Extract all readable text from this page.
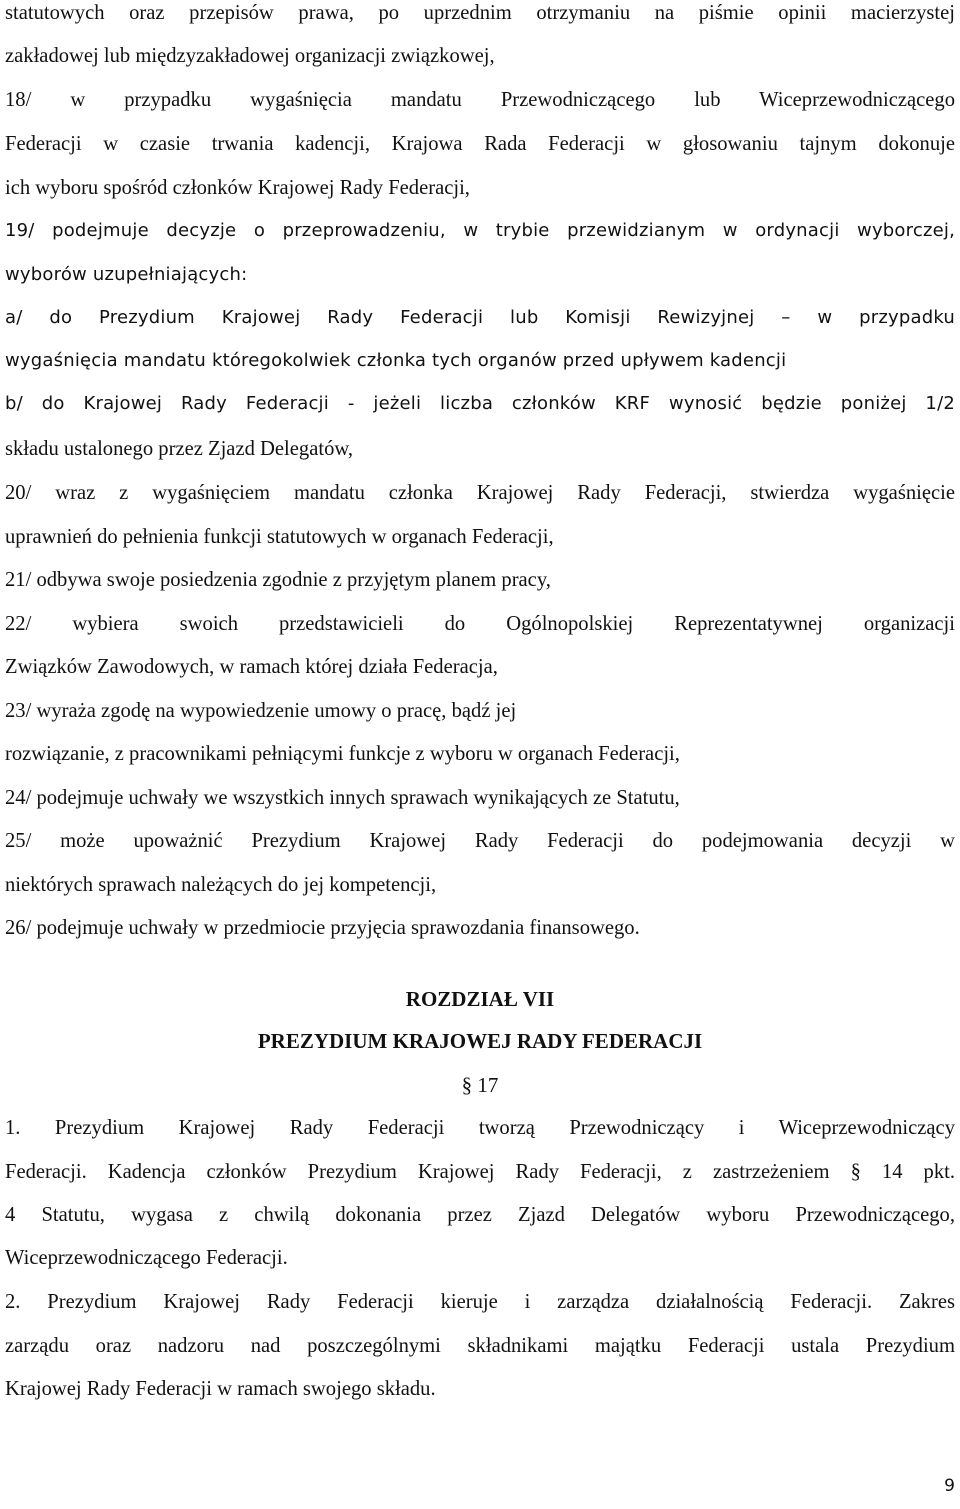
statutowych oraz przepisów prawa, po uprzednim otrzymaniu na piśmie opinii macierzystej

zakładowej lub międzyzakładowej organizacji związkowej,

18/ w przypadku wygaśnięcia mandatu Przewodniczącego lub Wiceprzewodniczącego

Federacji w czasie trwania kadencji, Krajowa Rada Federacji w głosowaniu tajnym dokonuje

ich wyboru spośród członków Krajowej Rady Federacji,

19/ podejmuje decyzje o przeprowadzeniu, w trybie przewidzianym w ordynacji wyborczej,

wyborów uzupełniających:

a/ do Prezydium Krajowej Rady Federacji lub Komisji Rewizyjnej – w przypadku

wygaśnięcia mandatu któregokolwiek członka tych organów przed upływem kadencji

b/ do Krajowej Rady Federacji - jeżeli liczba członków KRF wynosić będzie poniżej 1/2

składu ustalonego przez Zjazd Delegatów,

20/ wraz z wygaśnięciem mandatu członka Krajowej Rady Federacji, stwierdza wygaśnięcie

uprawnień do pełnienia funkcji statutowych w organach Federacji,

21/ odbywa swoje posiedzenia zgodnie z przyjętym planem pracy,

22/ wybiera swoich przedstawicieli do Ogólnopolskiej Reprezentatywnej organizacji

Związków Zawodowych, w ramach której działa Federacja,

23/ wyraża zgodę na wypowiedzenie umowy o pracę, bądź jej

rozwiązanie, z pracownikami pełniącymi funkcje z wyboru w organach Federacji,

24/ podejmuje uchwały we wszystkich innych sprawach wynikających ze Statutu,

25/ może upoważnić Prezydium Krajowej Rady Federacji do podejmowania decyzji w

niektórych sprawach należących do jej kompetencji,

26/ podejmuje uchwały w przedmiocie przyjęcia sprawozdania finansowego.

ROZDZIAŁ VII
PREZYDIUM KRAJOWEJ RADY FEDERACJI
§ 17

1. Prezydium Krajowej Rady Federacji tworzą Przewodniczący i Wiceprzewodniczący

Federacji. Kadencja członków Prezydium Krajowej Rady Federacji, z zastrzeżeniem § 14 pkt.

4 Statutu, wygasa z chwilą dokonania przez Zjazd Delegatów wyboru Przewodniczącego,

Wiceprzewodniczącego Federacji.

2. Prezydium Krajowej Rady Federacji kieruje i zarządza działalnością Federacji. Zakres

zarządu oraz nadzoru nad poszczególnymi składnikami majątku Federacji ustala Prezydium

Krajowej Rady Federacji w ramach swojego składu.

9
